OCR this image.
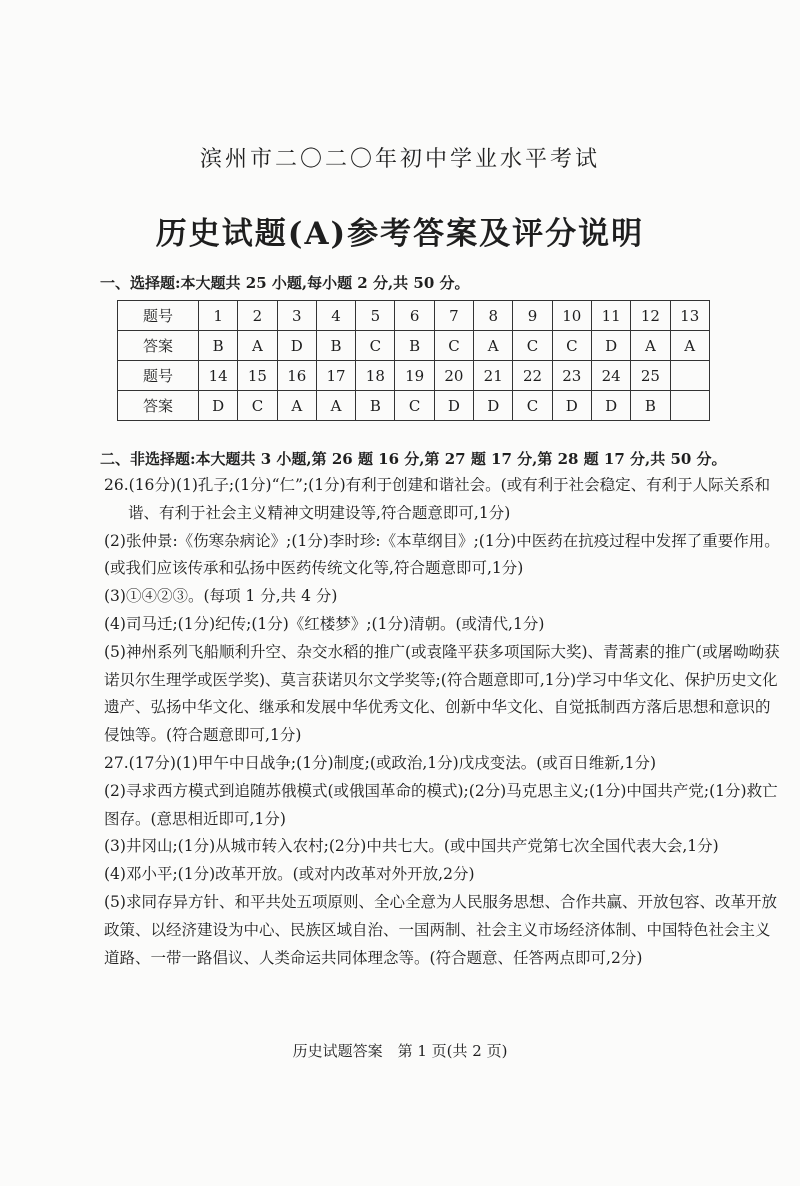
滨州市二〇二〇年初中学业水平考试
历史试题(A)参考答案及评分说明
一、选择题:本大题共 25 小题,每小题 2 分,共 50 分。
题号	1	2	3	4	5	6	7	8	9	10	11	12	13
答案	B	A	D	B	C	B	C	A	C	C	D	A	A
题号	14	15	16	17	18	19	20	21	22	23	24	25	
答案	D	C	A	A	B	C	D	D	C	D	D	B	
二、非选择题:本大题共 3 小题,第 26 题 16 分,第 27 题 17 分,第 28 题 17 分,共 50 分。

26.(16分)(1)孔子;(1分)“仁”;(1分)有利于创建和谐社会。(或有利于社会稳定、有利于人际关系和谐、有利于社会主义精神文明建设等,符合题意即可,1分)

(2)张仲景:《伤寒杂病论》;(1分)李时珍:《本草纲目》;(1分)中医药在抗疫过程中发挥了重要作用。(或我们应该传承和弘扬中医药传统文化等,符合题意即可,1分)

(3)①④②③。(每项 1 分,共 4 分)

(4)司马迁;(1分)纪传;(1分)《红楼梦》;(1分)清朝。(或清代,1分)

(5)神州系列飞船顺利升空、杂交水稻的推广(或袁隆平获多项国际大奖)、青蒿素的推广(或屠呦呦获诺贝尔生理学或医学奖)、莫言获诺贝尔文学奖等;(符合题意即可,1分)学习中华文化、保护历史文化遗产、弘扬中华文化、继承和发展中华优秀文化、创新中华文化、自觉抵制西方落后思想和意识的侵蚀等。(符合题意即可,1分)

27.(17分)(1)甲午中日战争;(1分)制度;(或政治,1分)戊戌变法。(或百日维新,1分)

(2)寻求西方模式到追随苏俄模式(或俄国革命的模式);(2分)马克思主义;(1分)中国共产党;(1分)救亡图存。(意思相近即可,1分)

(3)井冈山;(1分)从城市转入农村;(2分)中共七大。(或中国共产党第七次全国代表大会,1分)

(4)邓小平;(1分)改革开放。(或对内改革对外开放,2分)

(5)求同存异方针、和平共处五项原则、全心全意为人民服务思想、合作共赢、开放包容、改革开放政策、以经济建设为中心、民族区域自治、一国两制、社会主义市场经济体制、中国特色社会主义道路、一带一路倡议、人类命运共同体理念等。(符合题意、任答两点即可,2分)

历史试题答案　第 1 页(共 2 页)
